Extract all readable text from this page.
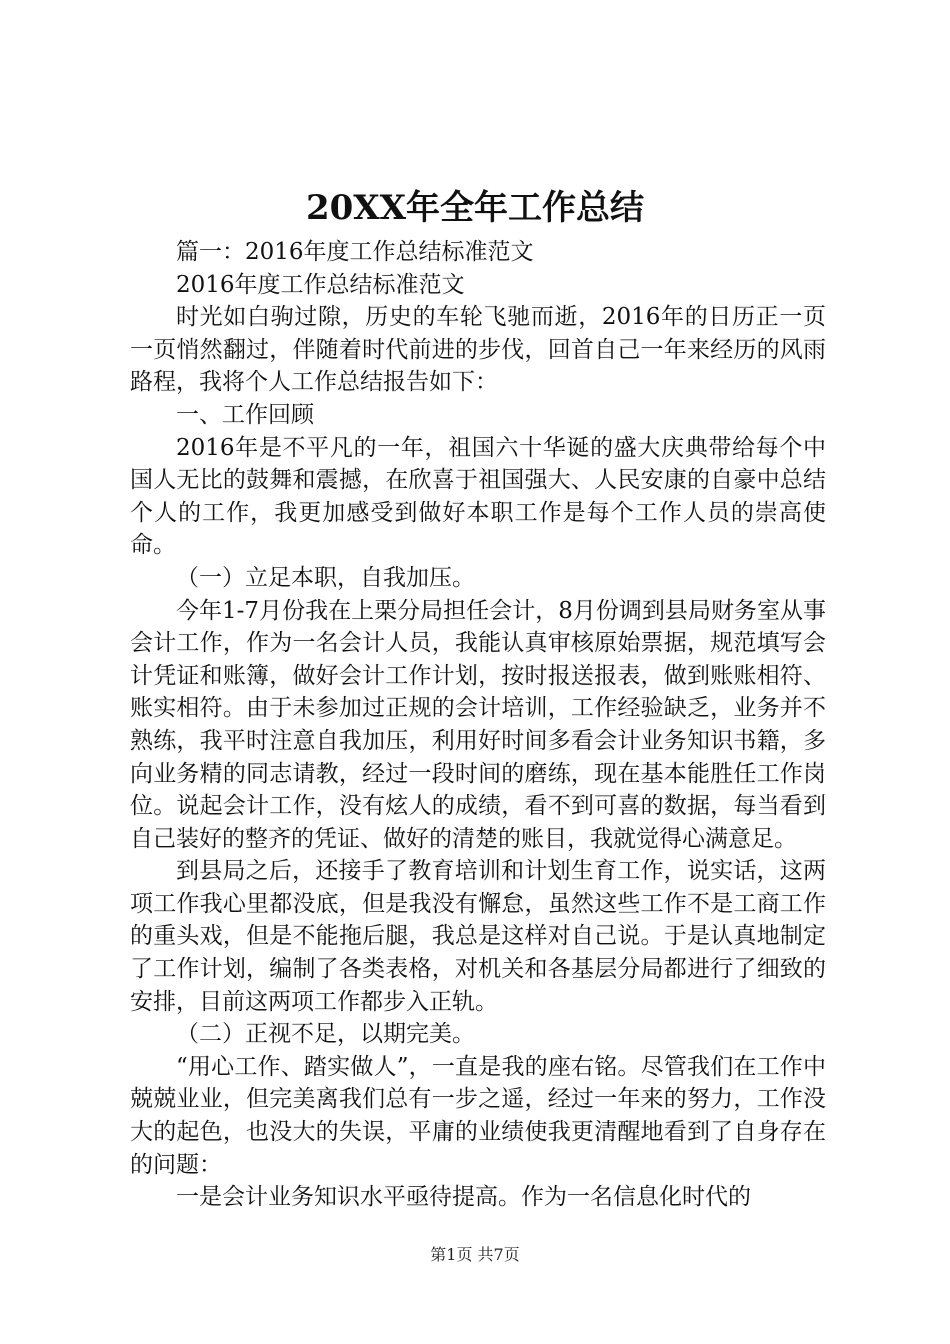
20XX年全年工作总结

篇一：2016年度工作总结标准范文

2016年度工作总结标准范文

时光如白驹过隙，历史的车轮飞驰而逝，2016年的日历正一页一页悄然翻过，伴随着时代前进的步伐，回首自己一年来经历的风雨路程，我将个人工作总结报告如下：

一、工作回顾

2016年是不平凡的一年，祖国六十华诞的盛大庆典带给每个中国人无比的鼓舞和震撼，在欣喜于祖国强大、人民安康的自豪中总结个人的工作，我更加感受到做好本职工作是每个工作人员的崇高使命。

（一）立足本职，自我加压。

今年1-7月份我在上栗分局担任会计，8月份调到县局财务室从事会计工作，作为一名会计人员，我能认真审核原始票据，规范填写会计凭证和账簿，做好会计工作计划，按时报送报表，做到账账相符、账实相符。由于未参加过正规的会计培训，工作经验缺乏，业务并不熟练，我平时注意自我加压，利用好时间多看会计业务知识书籍，多向业务精的同志请教，经过一段时间的磨练，现在基本能胜任工作岗位。说起会计工作，没有炫人的成绩，看不到可喜的数据，每当看到自己装好的整齐的凭证、做好的清楚的账目，我就觉得心满意足。

到县局之后，还接手了教育培训和计划生育工作，说实话，这两项工作我心里都没底，但是我没有懈怠，虽然这些工作不是工商工作的重头戏，但是不能拖后腿，我总是这样对自己说。于是认真地制定了工作计划，编制了各类表格，对机关和各基层分局都进行了细致的安排，目前这两项工作都步入正轨。

（二）正视不足，以期完美。

“用心工作、踏实做人”，一直是我的座右铭。尽管我们在工作中兢兢业业，但完美离我们总有一步之遥，经过一年来的努力，工作没大的起色，也没大的失误，平庸的业绩使我更清醒地看到了自身存在的问题：

一是会计业务知识水平亟待提高。作为一名信息化时代的

第1页 共7页
